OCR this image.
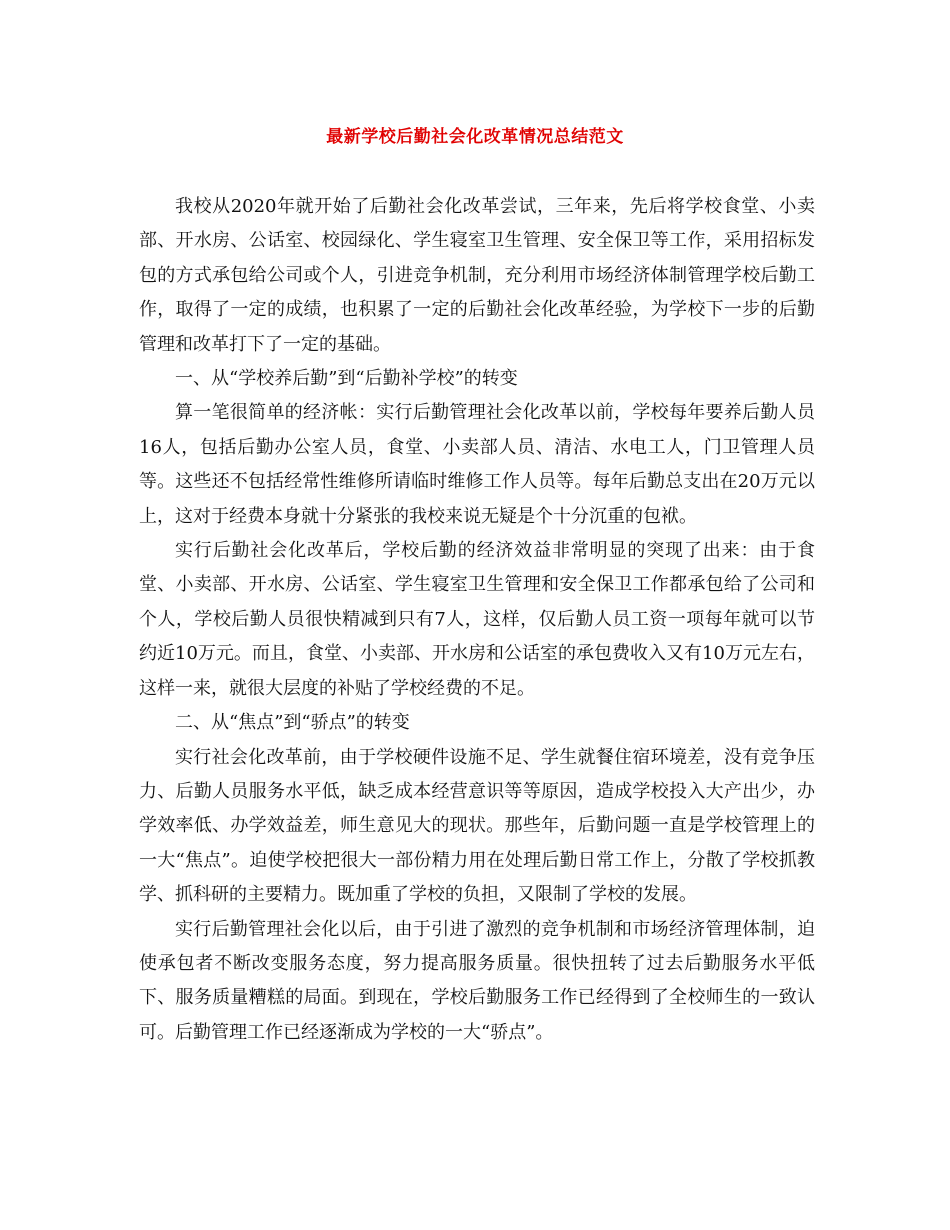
最新学校后勤社会化改革情况总结范文

我校从2020年就开始了后勤社会化改革尝试，三年来，先后将学校食堂、小卖部、开水房、公话室、校园绿化、学生寝室卫生管理、安全保卫等工作，采用招标发包的方式承包给公司或个人，引进竞争机制，充分利用市场经济体制管理学校后勤工作，取得了一定的成绩，也积累了一定的后勤社会化改革经验，为学校下一步的后勤管理和改革打下了一定的基础。

一、从“学校养后勤”到“后勤补学校”的转变

算一笔很简单的经济帐：实行后勤管理社会化改革以前，学校每年要养后勤人员16人，包括后勤办公室人员，食堂、小卖部人员、清洁、水电工人，门卫管理人员等。这些还不包括经常性维修所请临时维修工作人员等。每年后勤总支出在20万元以上，这对于经费本身就十分紧张的我校来说无疑是个十分沉重的包袱。

实行后勤社会化改革后，学校后勤的经济效益非常明显的突现了出来：由于食堂、小卖部、开水房、公话室、学生寝室卫生管理和安全保卫工作都承包给了公司和个人，学校后勤人员很快精减到只有7人，这样，仅后勤人员工资一项每年就可以节约近10万元。而且，食堂、小卖部、开水房和公话室的承包费收入又有10万元左右，这样一来，就很大层度的补贴了学校经费的不足。

二、从“焦点”到“骄点”的转变

实行社会化改革前，由于学校硬件设施不足、学生就餐住宿环境差，没有竞争压力、后勤人员服务水平低，缺乏成本经营意识等等原因，造成学校投入大产出少，办学效率低、办学效益差，师生意见大的现状。那些年，后勤问题一直是学校管理上的一大“焦点”。迫使学校把很大一部份精力用在处理后勤日常工作上，分散了学校抓教学、抓科研的主要精力。既加重了学校的负担，又限制了学校的发展。

实行后勤管理社会化以后，由于引进了激烈的竞争机制和市场经济管理体制，迫使承包者不断改变服务态度，努力提高服务质量。很快扭转了过去后勤服务水平低下、服务质量糟糕的局面。到现在，学校后勤服务工作已经得到了全校师生的一致认可。后勤管理工作已经逐渐成为学校的一大“骄点”。
